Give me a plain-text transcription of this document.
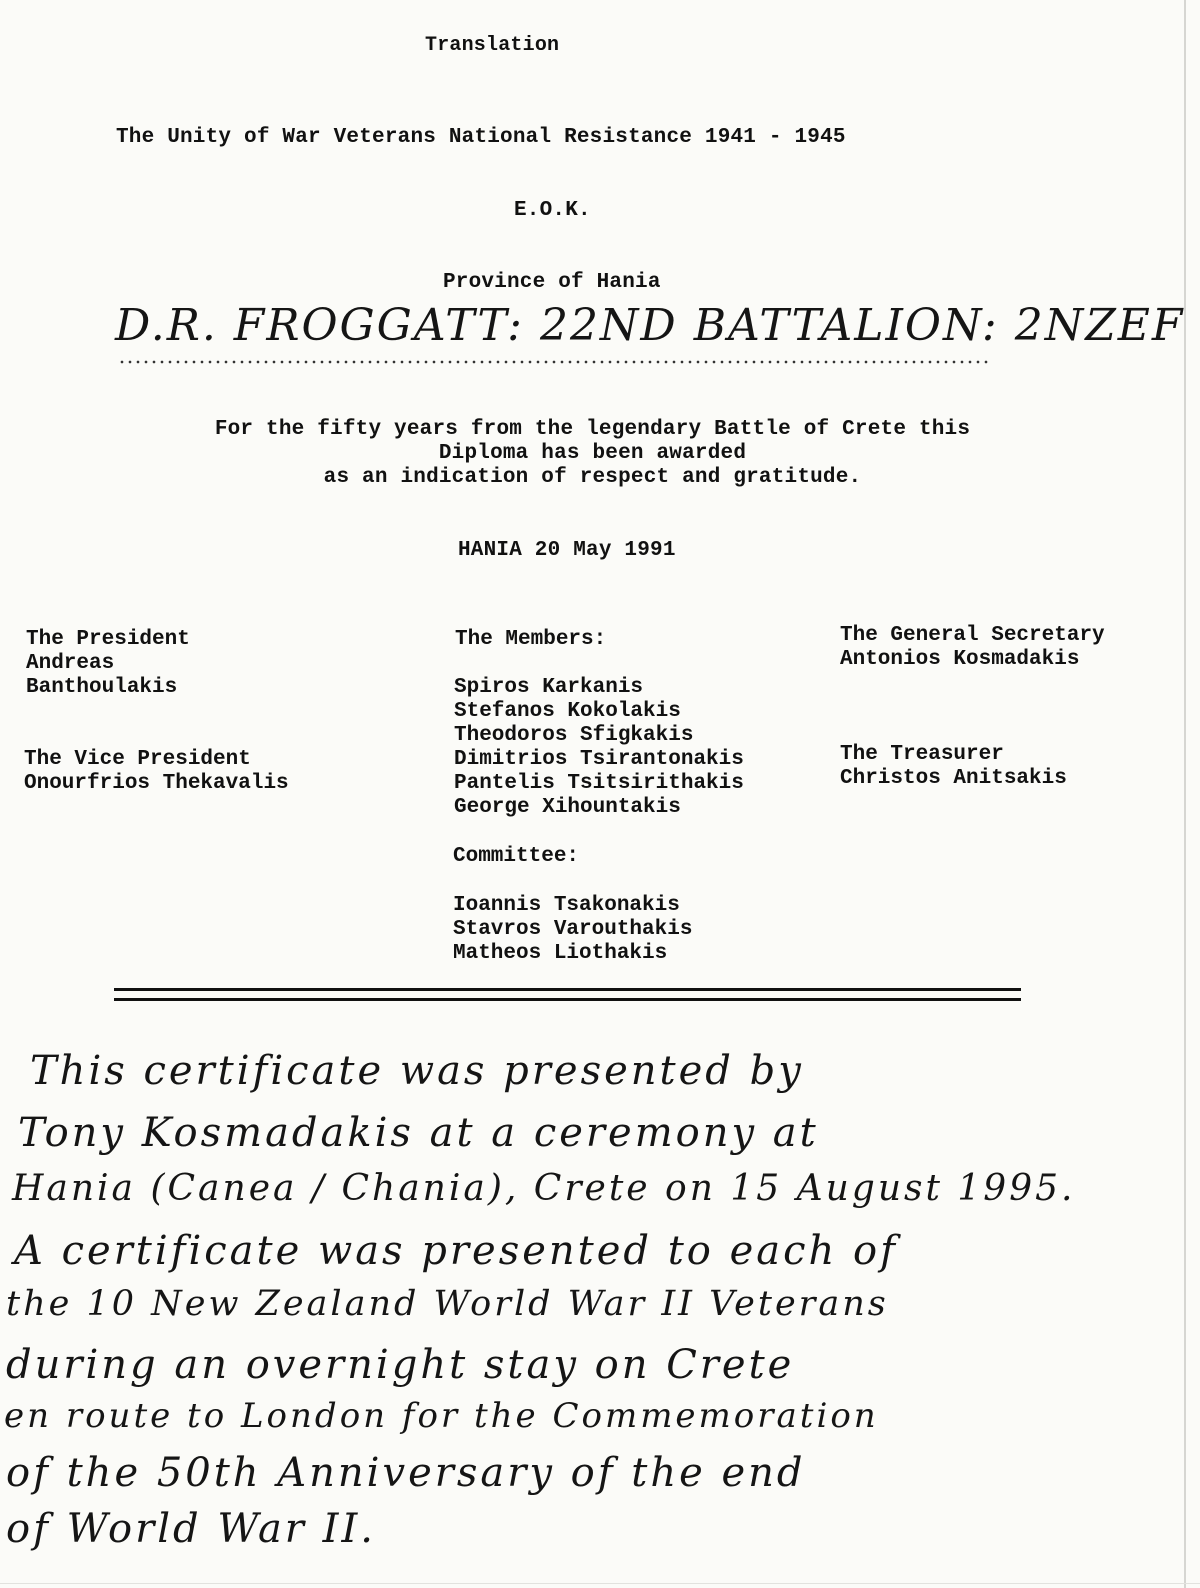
Translation
The Unity of War Veterans National Resistance 1941 - 1945
E.O.K.
Province of Hania
D.R. FROGGATT: 22ND BATTALION: 2NZEF
For the fifty years from the legendary Battle of Crete this
Diploma has been awarded
as an indication of respect and gratitude.
HANIA 20 May 1991
The President
Andreas
Banthoulakis
The Vice President
Onourfrios Thekavalis
The Members:
Spiros Karkanis
Stefanos Kokolakis
Theodoros Sfigkakis
Dimitrios Tsirantonakis
Pantelis Tsitsirithakis
George Xihountakis
Committee:
Ioannis Tsakonakis
Stavros Varouthakis
Matheos Liothakis
The General Secretary
Antonios Kosmadakis
The Treasurer
Christos Anitsakis
This certificate was presented by
Tony Kosmadakis at a ceremony at
Hania (Canea / Chania), Crete on 15 August 1995.
A certificate was presented to each of
the 10 New Zealand World War II Veterans
during an overnight stay on Crete
en route to London for the Commemoration
of the 50th Anniversary of the end
of World War II.
